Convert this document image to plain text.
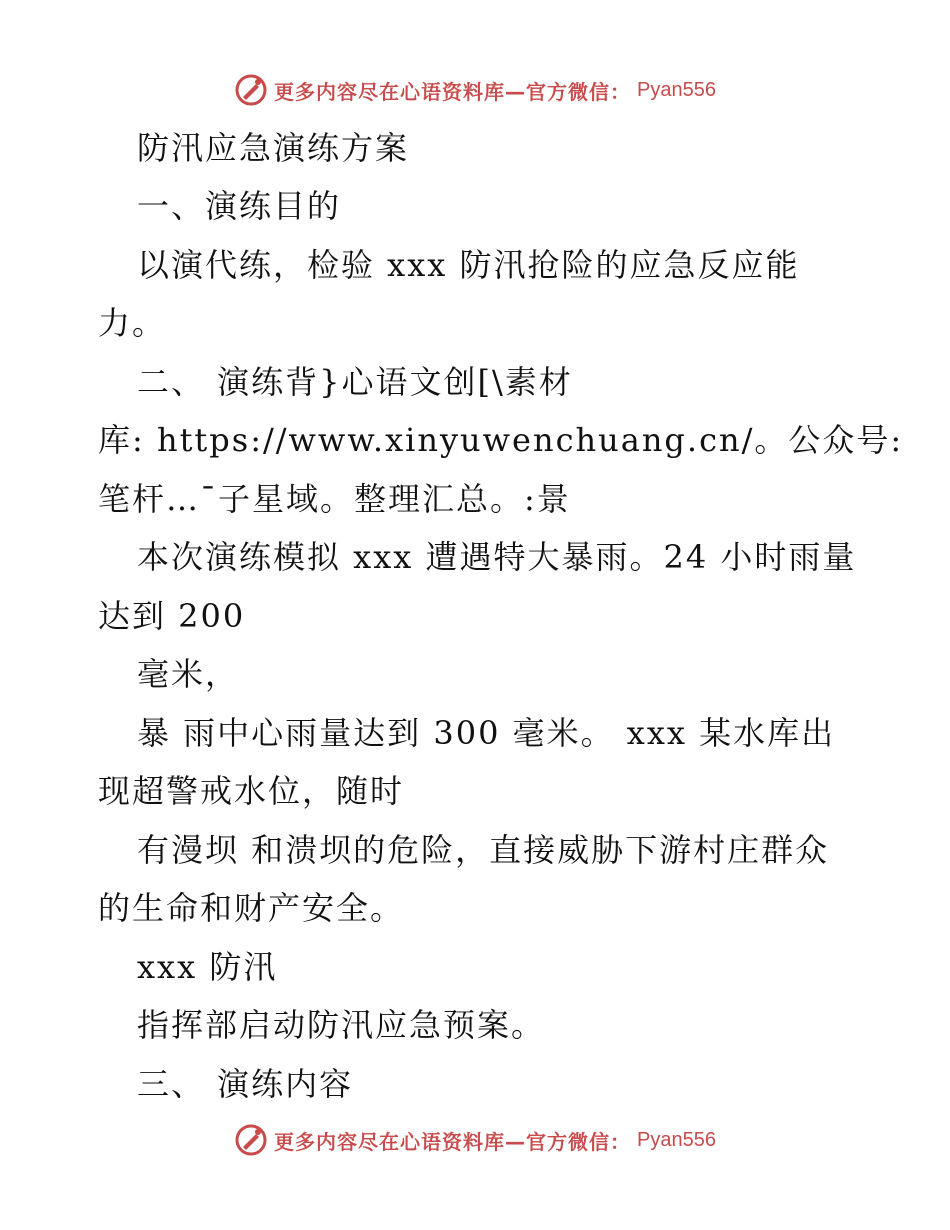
更多内容尽在心语资料库—官方微信： Pyan556

防汛应急演练方案

一、演练目的

以演代练，检验 xxx 防汛抢险的应急反应能

力。

二、 演练背}心语文创[\素材

库: https://www.xinyuwenchuang.cn/。公众号:

笔杆…¯子星域。整理汇总。:景

本次演练模拟 xxx 遭遇特大暴雨。24 小时雨量

达到 200

毫米，

暴 雨中心雨量达到 300 毫米。 xxx 某水库出

现超警戒水位，随时

有漫坝 和溃坝的危险，直接威胁下游村庄群众

的生命和财产安全。

xxx 防汛

指挥部启动防汛应急预案。

三、 演练内容

更多内容尽在心语资料库—官方微信： Pyan556
